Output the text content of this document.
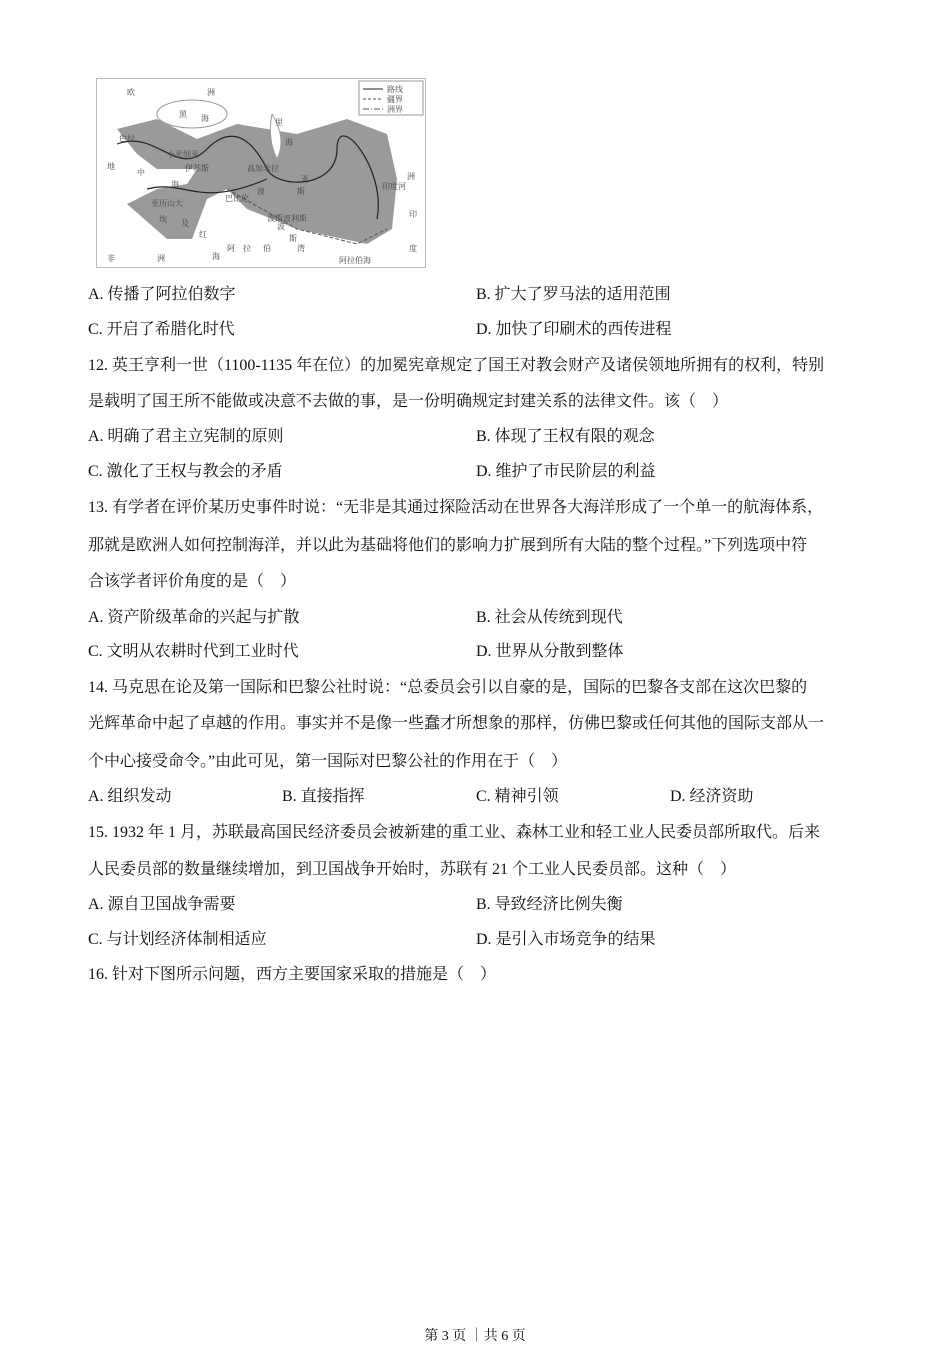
路线
疆界
洲界
欧	洲
黑 海	里
海
地
中
海
色拉
小亚细亚
伊苏斯	高加米拉
巴比伦
波	斯
亚	洲
波斯波利斯
亚历山大
埃 及
红
海
阿 拉 伯
波
斯
湾
阿拉伯海
印
度
印度河
非	洲
A. 传播了阿拉伯数字	B. 扩大了罗马法的适用范围
C. 开启了希腊化时代	D. 加快了印刷术的西传进程
12. 英王亨利一世（1100-1135 年在位）的加冕宪章规定了国王对教会财产及诸侯领地所拥有的权利，特别
是载明了国王所不能做或决意不去做的事，是一份明确规定封建关系的法律文件。该（　）
A. 明确了君主立宪制的原则	B. 体现了王权有限的观念
C. 激化了王权与教会的矛盾	D. 维护了市民阶层的利益
13. 有学者在评价某历史事件时说：“无非是其通过探险活动在世界各大海洋形成了一个单一的航海体系，
那就是欧洲人如何控制海洋，并以此为基础将他们的影响力扩展到所有大陆的整个过程。”下列选项中符
合该学者评价角度的是（　）
A. 资产阶级革命的兴起与扩散	B. 社会从传统到现代
C. 文明从农耕时代到工业时代	D. 世界从分散到整体
14. 马克思在论及第一国际和巴黎公社时说：“总委员会引以自豪的是，国际的巴黎各支部在这次巴黎的
光辉革命中起了卓越的作用。事实并不是像一些蠢才所想象的那样，仿佛巴黎或任何其他的国际支部从一
个中心接受命令。”由此可见，第一国际对巴黎公社的作用在于（　）
A. 组织发动	B. 直接指挥	C. 精神引领	D. 经济资助
15. 1932 年 1 月，苏联最高国民经济委员会被新建的重工业、森林工业和轻工业人民委员部所取代。后来
人民委员部的数量继续增加，到卫国战争开始时，苏联有 21 个工业人民委员部。这种（　）
A. 源自卫国战争需要	B. 导致经济比例失衡
C. 与计划经济体制相适应	D. 是引入市场竞争的结果
16. 针对下图所示问题，西方主要国家采取的措施是（　）
第 3 页 ｜共 6 页
